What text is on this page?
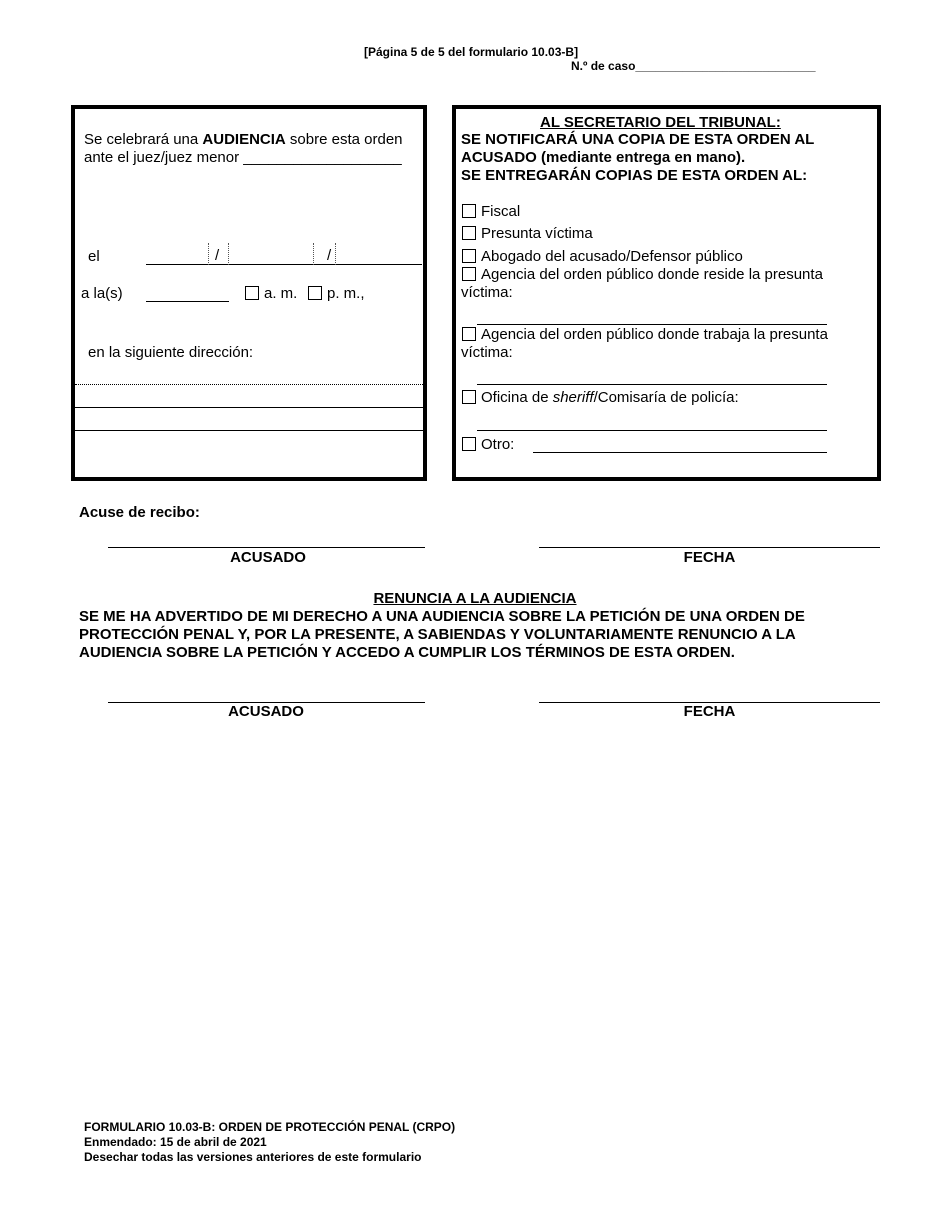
[Página 5 de 5 del formulario 10.03-B]
N.º de caso___________________________
Se celebrará una AUDIENCIA sobre esta orden
ante el juez/juez menor ___________________
el	/	/
a la(s)	a. m.	p. m.,
en la siguiente dirección:
AL SECRETARIO DEL TRIBUNAL:
SE NOTIFICARÁ UNA COPIA DE ESTA ORDEN AL
ACUSADO (mediante entrega en mano).
SE ENTREGARÁN COPIAS DE ESTA ORDEN AL:
Fiscal
Presunta víctima
Abogado del acusado/Defensor público
Agencia del orden público donde reside la presunta
víctima:
Agencia del orden público donde trabaja la presunta
víctima:
Oficina de sheriff/Comisaría de policía:
Otro:
Acuse de recibo:
ACUSADO	FECHA
RENUNCIA A LA AUDIENCIA
SE ME HA ADVERTIDO DE MI DERECHO A UNA AUDIENCIA SOBRE LA PETICIÓN DE UNA ORDEN DE
PROTECCIÓN PENAL Y, POR LA PRESENTE, A SABIENDAS Y VOLUNTARIAMENTE RENUNCIO A LA
AUDIENCIA SOBRE LA PETICIÓN Y ACCEDO A CUMPLIR LOS TÉRMINOS DE ESTA ORDEN.
ACUSADO	FECHA
FORMULARIO 10.03-B: ORDEN DE PROTECCIÓN PENAL (CRPO)
Enmendado: 15 de abril de 2021
Desechar todas las versiones anteriores de este formulario
